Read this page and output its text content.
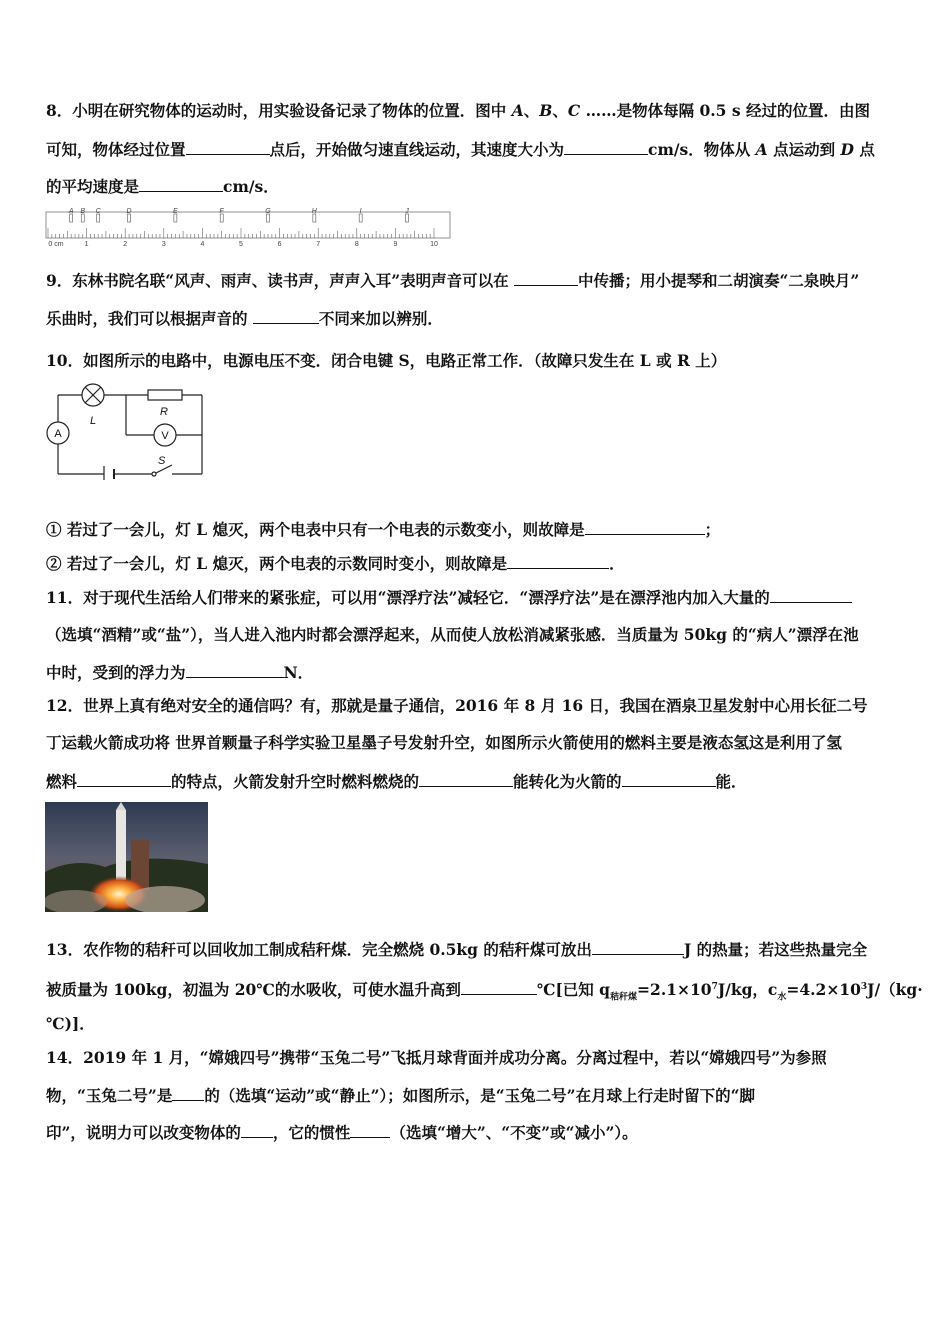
8．小明在研究物体的运动时，用实验设备记录了物体的位置．图中 A、B、C ……是物体每隔 0.5 s 经过的位置．由图
可知，物体经过位置	点后，开始做匀速直线运动，其速度大小为	cm/s．物体从 A 点运动到 D 点
的平均速度是	cm/s．
A B C	D	E	F	G	H	I	J
0 cm	1	2	3	4	5	6	7	8	9	10
9．东林书院名联“风声、雨声、读书声，声声入耳”表明声音可以在	中传播；用小提琴和二胡演奏“二泉映月”
乐曲时，我们可以根据声音的	不同来加以辨别．
10．如图所示的电路中，电源电压不变．闭合电键 S，电路正常工作．（故障只发生在 L 或 R 上）
L
R
S
V
A
① 若过了一会儿，灯 L 熄灭，两个电表中只有一个电表的示数变小，则故障是	；
② 若过了一会儿，灯 L 熄灭，两个电表的示数同时变小，则故障是	．
11．对于现代生活给人们带来的紧张症，可以用“漂浮疗法”减轻它．“漂浮疗法”是在漂浮池内加入大量的
（选填“酒精”或“盐”），当人进入池内时都会漂浮起来，从而使人放松消减紧张感．当质量为 50kg 的“病人”漂浮在池
中时，受到的浮力为	N．
12．世界上真有绝对安全的通信吗？有，那就是量子通信，2016 年 8 月 16 日，我国在酒泉卫星发射中心用长征二号
丁运载火箭成功将 世界首颗量子科学实验卫星墨子号发射升空，如图所示火箭使用的燃料主要是液态氢这是利用了氢
燃料	的特点，火箭发射升空时燃料燃烧的	能转化为火箭的	能．
13．农作物的秸秆可以回收加工制成秸秆煤．完全燃烧 0.5kg 的秸秆煤可放出	J 的热量；若这些热量完全
被质量为 100kg，初温为 20℃的水吸收，可使水温升高到	℃[已知 $q_{秸秆煤}=2.1\times 10^7J/kg$，$c_水=4.2\times 10^3J/(kg\cdot$
℃)]．
14．2019 年 1 月，“嫦娥四号”携带“玉兔二号”飞抵月球背面并成功分离。分离过程中，若以“嫦娥四号”为参照
物，“玉兔二号”是 的（选填“运动”或“静止”）；如图所示，是“玉兔二号”在月球上行走时留下的“脚
印”，说明力可以改变物体的 ，它的惯性	（选填“增大”、“不变”或“减小”）。
